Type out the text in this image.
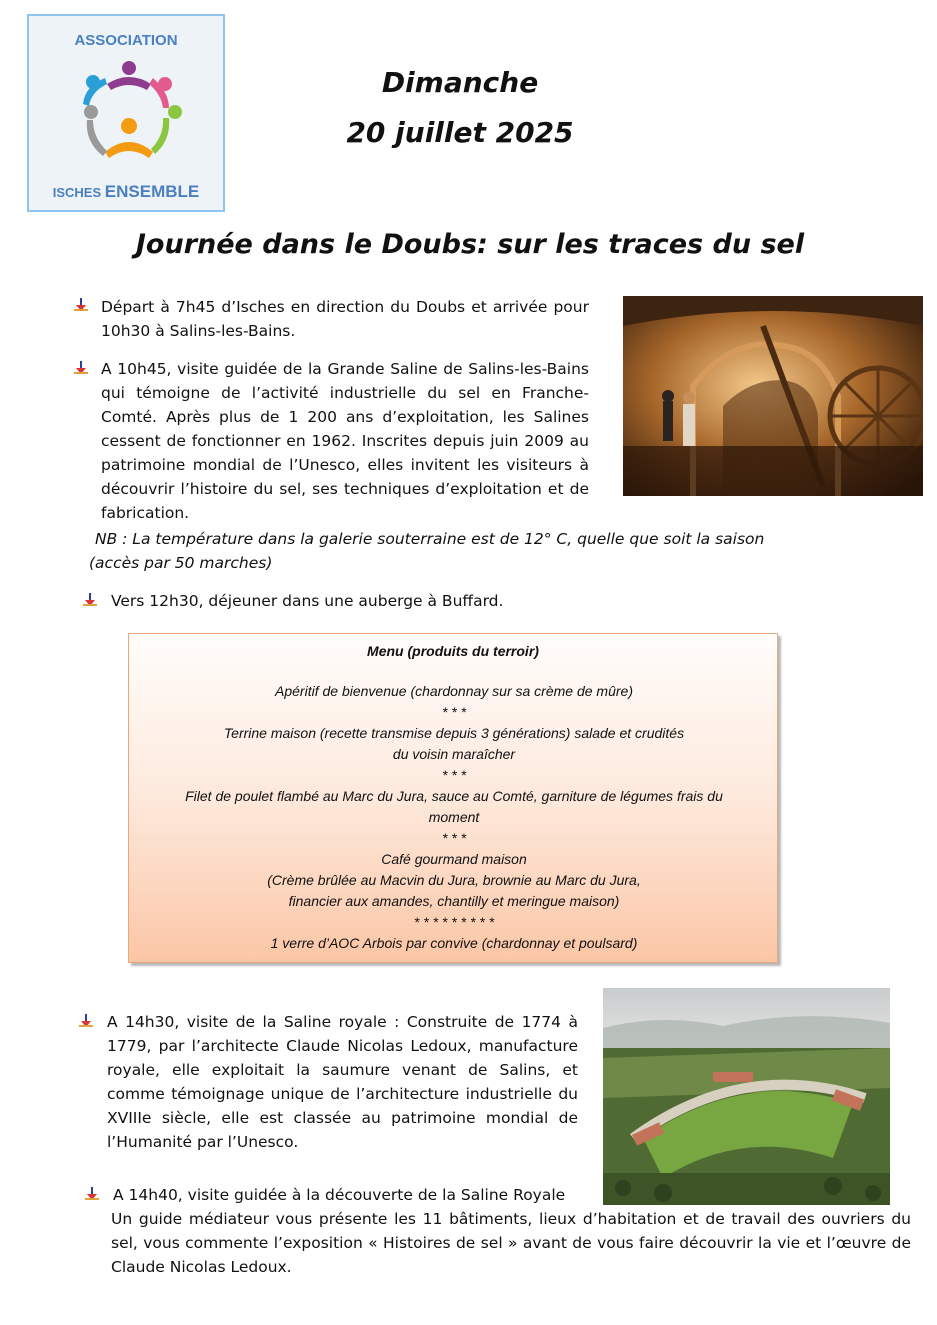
ASSOCIATION
ISCHES ENSEMBLE
Dimanche
20 juillet 2025
Journée dans le Doubs: sur les traces du sel
Départ à 7h45 d’Isches en direction du Doubs et arrivée pour 10h30 à Salins-les-Bains.
A 10h45, visite guidée de la Grande Saline de Salins-les-Bains qui témoigne de l’activité industrielle du sel en Franche-Comté. Après plus de 1 200 ans d’exploitation, les Salines cessent de fonctionner en 1962. Inscrites depuis juin 2009 au patrimoine mondial de l’Unesco, elles invitent les visiteurs à découvrir l’histoire du sel, ses techniques d’exploitation et de fabrication.
NB : La température dans la galerie souterraine est de 12° C, quelle que soit la saison
(accès par 50 marches)
Vers 12h30, déjeuner dans une auberge à Buffard.
Menu (produits du terroir)
Apéritif de bienvenue (chardonnay sur sa crème de mûre)
* * *
Terrine maison (recette transmise depuis 3 générations) salade et crudités
du voisin maraîcher
* * *
Filet de poulet flambé au Marc du Jura, sauce au Comté, garniture de légumes frais du
moment
* * *
Café gourmand maison
(Crème brûlée au Macvin du Jura, brownie au Marc du Jura,
financier aux amandes, chantilly et meringue maison)
* * * * * * * * *
1 verre d’AOC Arbois par convive (chardonnay et poulsard)
A 14h30, visite de la Saline royale : Construite de 1774 à 1779, par l’architecte Claude Nicolas Ledoux, manufacture royale, elle exploitait la saumure venant de Salins, et comme témoignage unique de l’architecture industrielle du XVIIIe siècle, elle est classée au patrimoine mondial de l’Humanité par l’Unesco.
A 14h40, visite guidée à la découverte de la Saline Royale
Un guide médiateur vous présente les 11 bâtiments, lieux d’habitation et de travail des ouvriers du sel, vous commente l’exposition « Histoires de sel » avant de vous faire découvrir la vie et l’œuvre de Claude Nicolas Ledoux.
